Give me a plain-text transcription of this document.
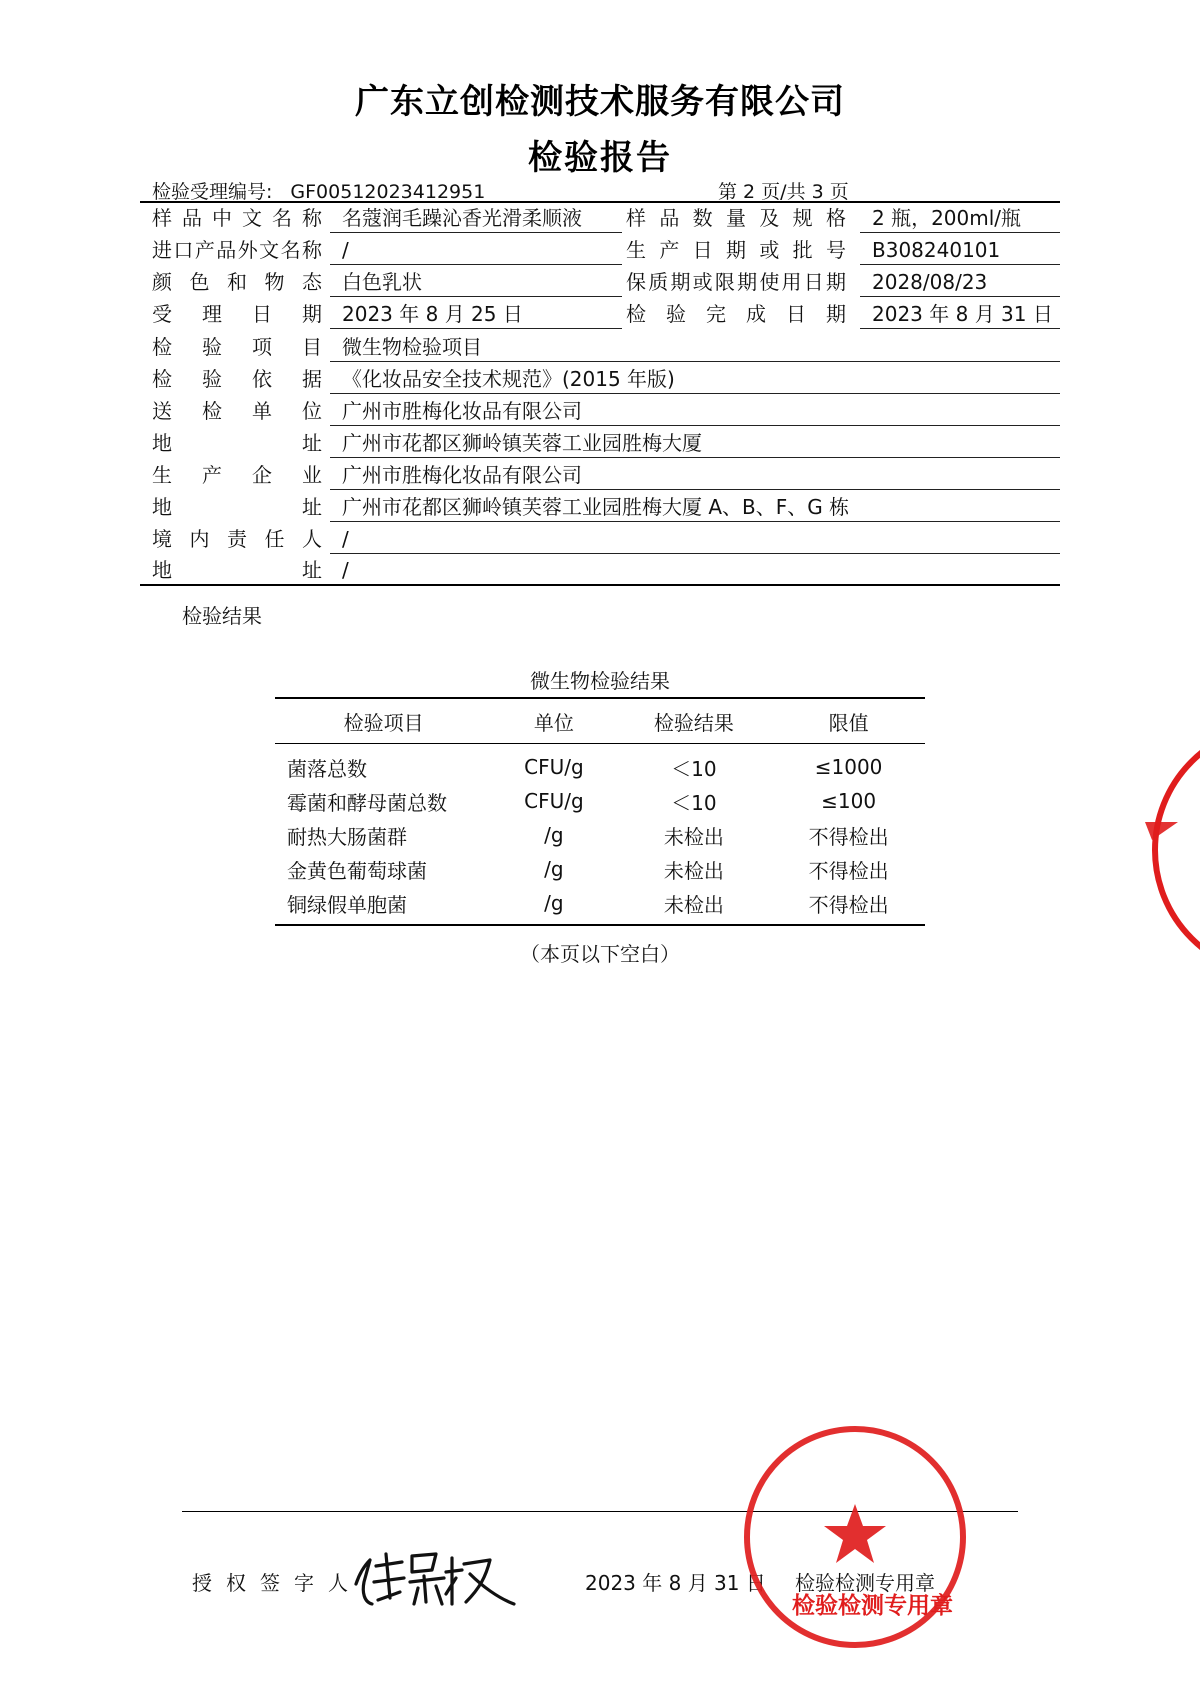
广东立创检测技术服务有限公司
检验报告
检验受理编号: GF00512023412951	第 2 页/共 3 页
样品中文名称	名蔻润毛躁沁香光滑柔顺液	样品数量及规格	2 瓶，200ml/瓶
进口产品外文名称	/	生产日期或批号	B308240101
颜色和物态	白色乳状	保质期或限期使用日期	2028/08/23
受理日期	2023 年 8 月 25 日	检验完成日期	2023 年 8 月 31 日
检验项目	微生物检验项目
检验依据	《化妆品安全技术规范》(2015 年版)
送检单位	广州市胜梅化妆品有限公司
地址	广州市花都区狮岭镇芙蓉工业园胜梅大厦
生产企业	广州市胜梅化妆品有限公司
地址	广州市花都区狮岭镇芙蓉工业园胜梅大厦 A、B、F、G 栋
境内责任人	/
地址	/
检验结果
微生物检验结果
检验项目	单位	检验结果	限值
菌落总数	CFU/g	＜10	≤1000
霉菌和酵母菌总数	CFU/g	＜10	≤100
耐热大肠菌群	/g	未检出	不得检出
金黄色葡萄球菌	/g	未检出	不得检出
铜绿假单胞菌	/g	未检出	不得检出
（本页以下空白）
授权签字人	2023 年 8 月 31 日 检验检测专用章
检验检测专用章
